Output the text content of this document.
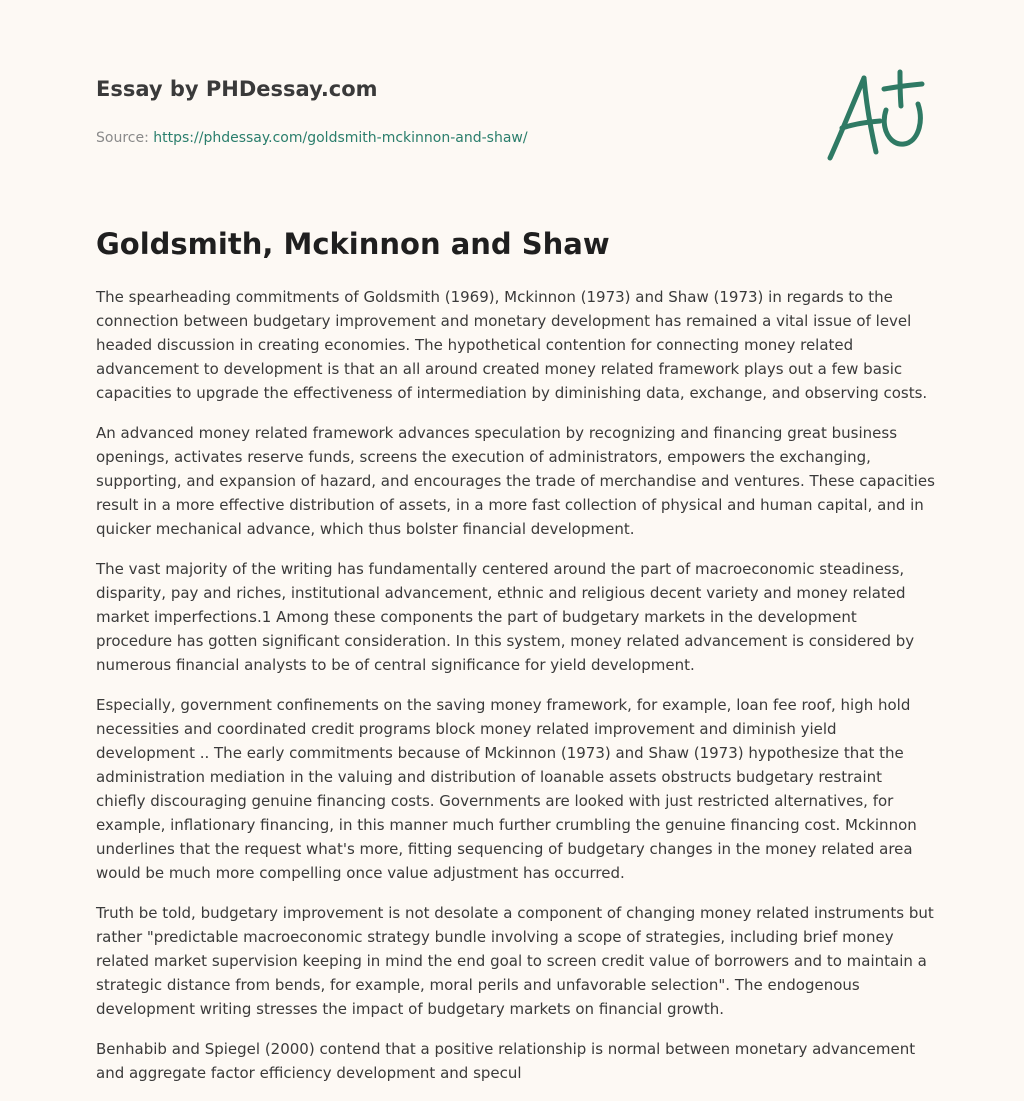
Essay by PHDessay.com
Source: https://phdessay.com/goldsmith-mckinnon-and-shaw/
Goldsmith, Mckinnon and Shaw

The spearheading commitments of Goldsmith (1969), Mckinnon (1973) and Shaw (1973) in regards to the connection between budgetary improvement and monetary development has remained a vital issue of level headed discussion in creating economies. The hypothetical contention for connecting money related advancement to development is that an all around created money related framework plays out a few basic capacities to upgrade the effectiveness of intermediation by diminishing data, exchange, and observing costs.

An advanced money related framework advances speculation by recognizing and financing great business openings, activates reserve funds, screens the execution of administrators, empowers the exchanging, supporting, and expansion of hazard, and encourages the trade of merchandise and ventures. These capacities result in a more effective distribution of assets, in a more fast collection of physical and human capital, and in quicker mechanical advance, which thus bolster financial development.

The vast majority of the writing has fundamentally centered around the part of macroeconomic steadiness, disparity, pay and riches, institutional advancement, ethnic and religious decent variety and money related market imperfections.1 Among these components the part of budgetary markets in the development procedure has gotten significant consideration. In this system, money related advancement is considered by numerous financial analysts to be of central significance for yield development.

Especially, government confinements on the saving money framework, for example, loan fee roof, high hold necessities and coordinated credit programs block money related improvement and diminish yield development .. The early commitments because of Mckinnon (1973) and Shaw (1973) hypothesize that the administration mediation in the valuing and distribution of loanable assets obstructs budgetary restraint chiefly discouraging genuine financing costs. Governments are looked with just restricted alternatives, for example, inflationary financing, in this manner much further crumbling the genuine financing cost. Mckinnon underlines that the request what's more, fitting sequencing of budgetary changes in the money related area would be much more compelling once value adjustment has occurred.

Truth be told, budgetary improvement is not desolate a component of changing money related instruments but rather "predictable macroeconomic strategy bundle involving a scope of strategies, including brief money related market supervision keeping in mind the end goal to screen credit value of borrowers and to maintain a strategic distance from bends, for example, moral perils and unfavorable selection". The endogenous development writing stresses the impact of budgetary markets on financial growth.

Benhabib and Spiegel (2000) contend that a positive relationship is normal between monetary advancement and aggregate factor efficiency development and specul
